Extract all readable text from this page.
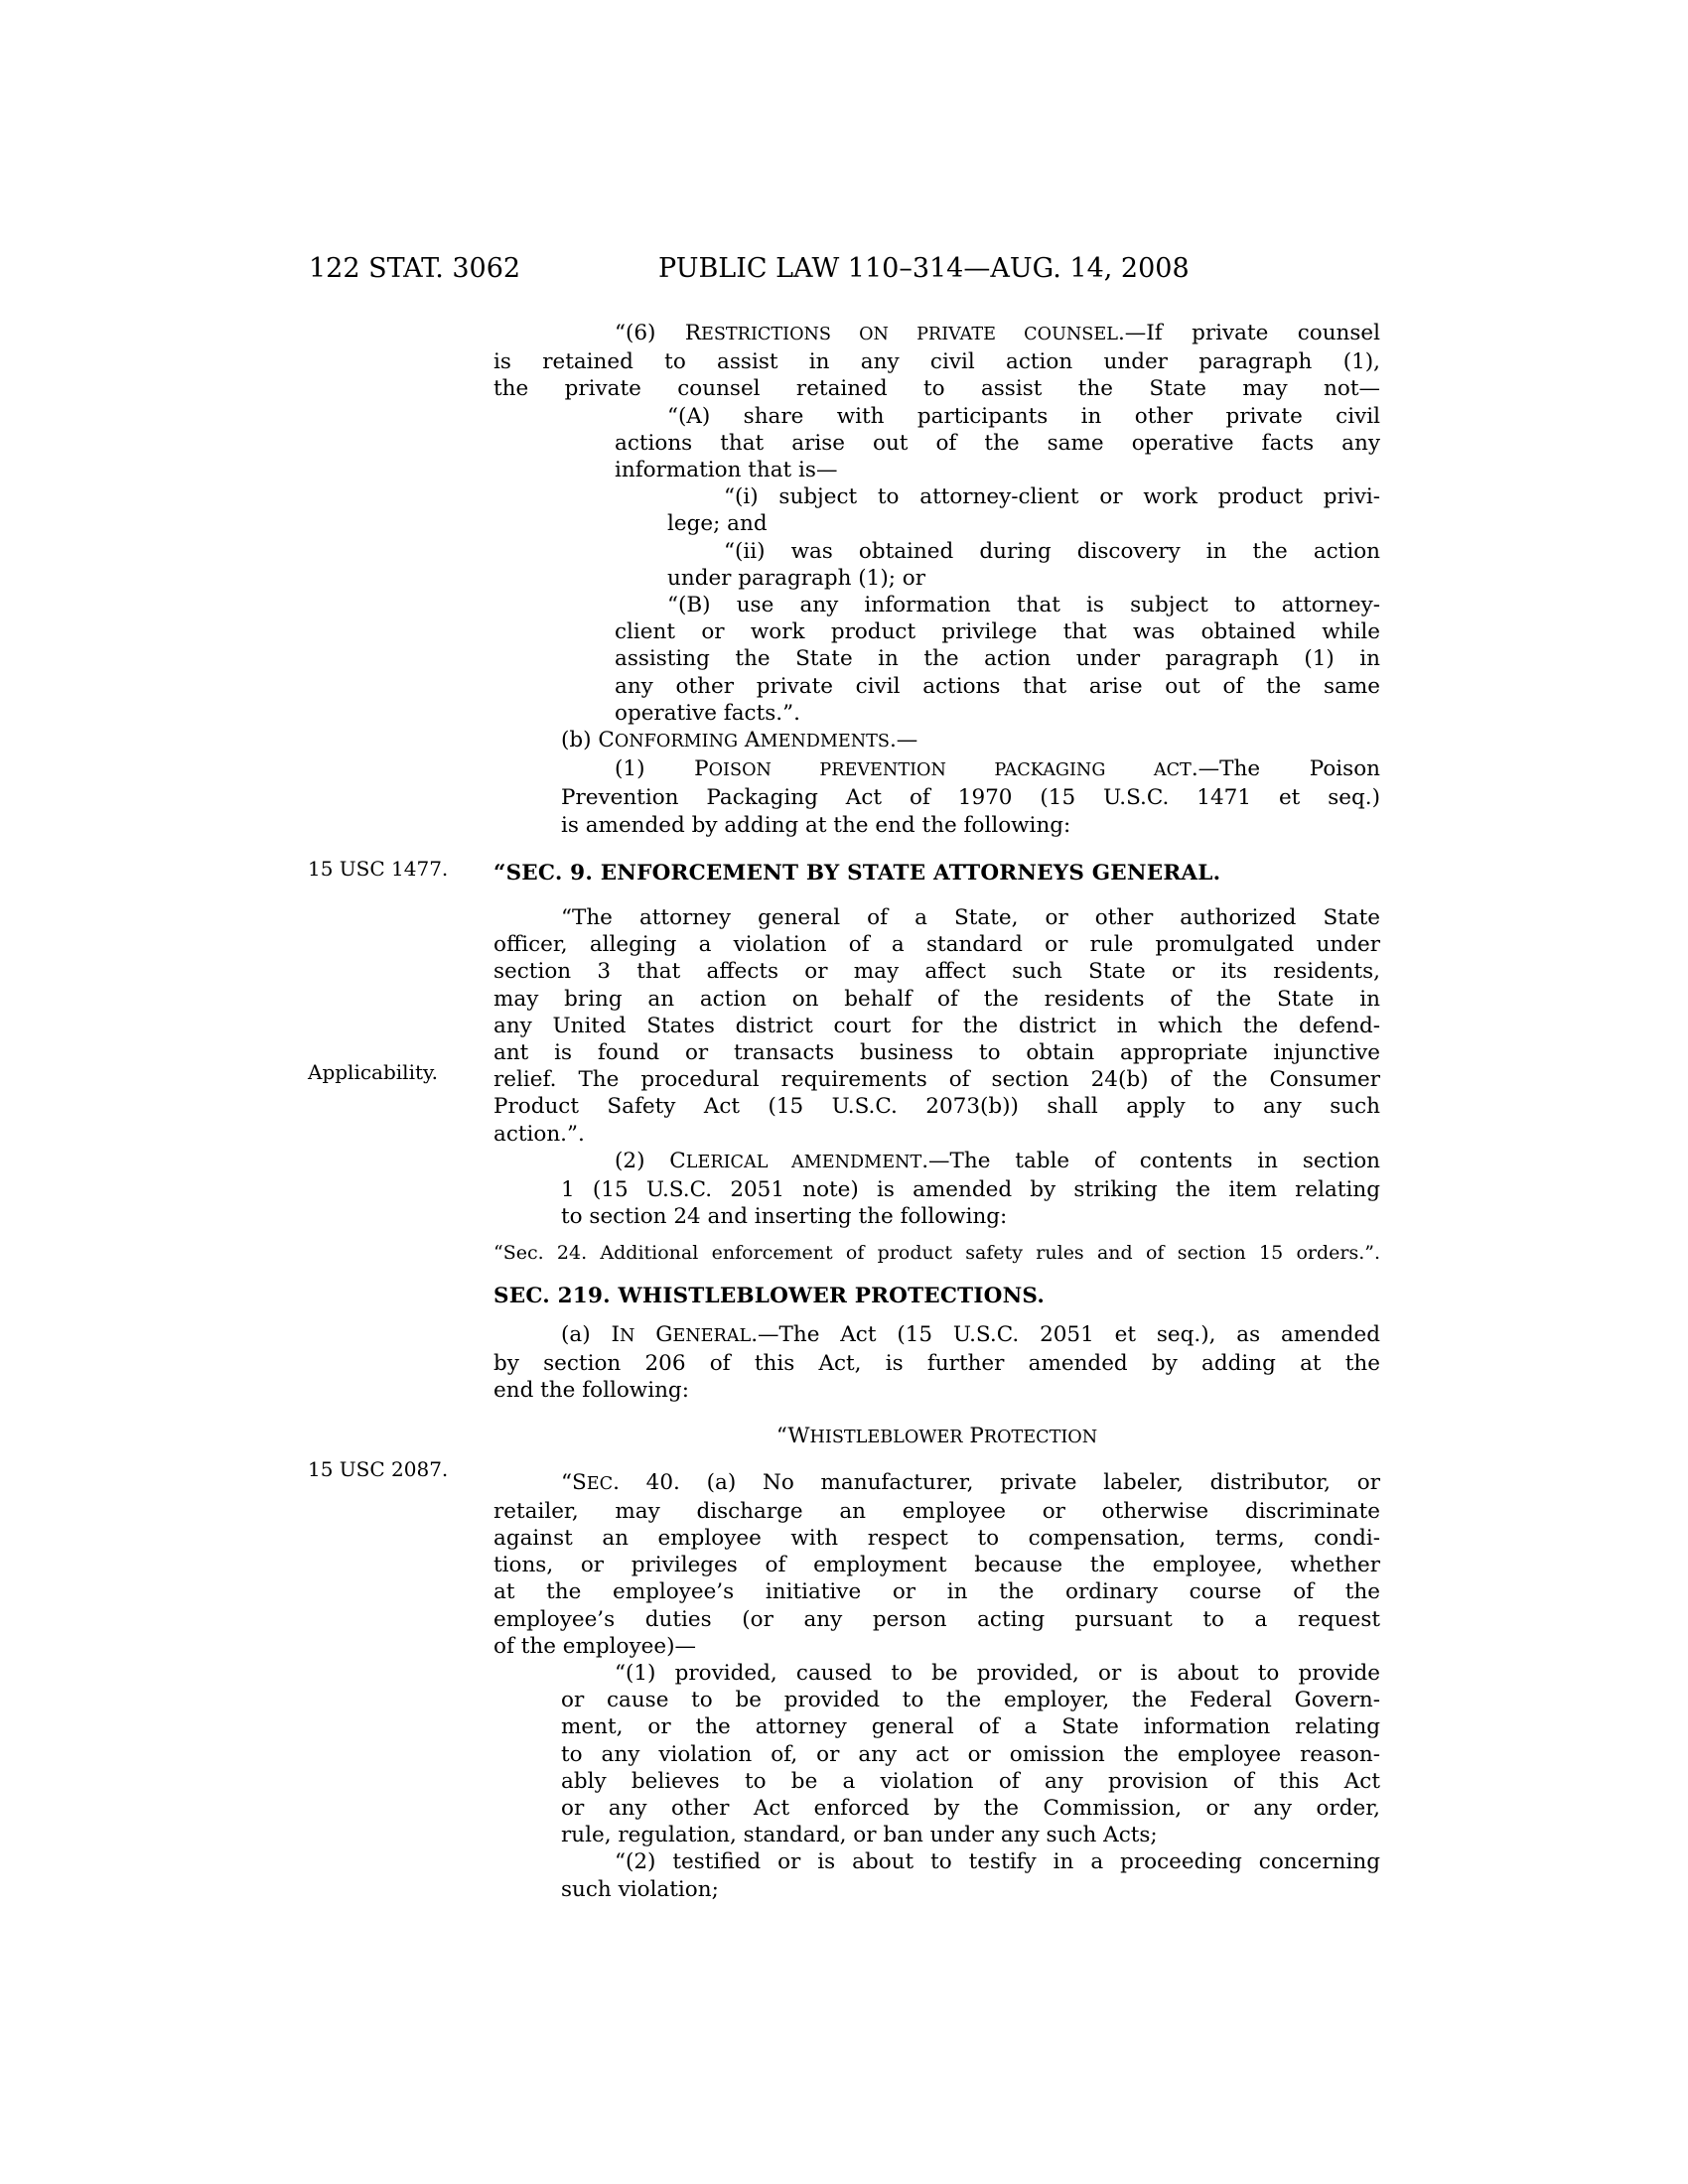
122 STAT. 3062	PUBLIC LAW 110–314—AUG. 14, 2008
15 USC 1477.
Applicability.
15 USC 2087.
“(6) RESTRICTIONS ON PRIVATE COUNSEL.—If private counsel
is retained to assist in any civil action under paragraph (1),
the private counsel retained to assist the State may not—
“(A) share with participants in other private civil
actions that arise out of the same operative facts any
information that is—
“(i) subject to attorney-client or work product privi-
lege; and
“(ii) was obtained during discovery in the action
under paragraph (1); or
“(B) use any information that is subject to attorney-
client or work product privilege that was obtained while
assisting the State in the action under paragraph (1) in
any other private civil actions that arise out of the same
operative facts.”.
(b) CONFORMING AMENDMENTS.—
(1) POISON PREVENTION PACKAGING ACT.—The Poison
Prevention Packaging Act of 1970 (15 U.S.C. 1471 et seq.)
is amended by adding at the end the following:
“SEC. 9. ENFORCEMENT BY STATE ATTORNEYS GENERAL.
“The attorney general of a State, or other authorized State
officer, alleging a violation of a standard or rule promulgated under
section 3 that affects or may affect such State or its residents,
may bring an action on behalf of the residents of the State in
any United States district court for the district in which the defend-
ant is found or transacts business to obtain appropriate injunctive
relief. The procedural requirements of section 24(b) of the Consumer
Product Safety Act (15 U.S.C. 2073(b)) shall apply to any such
action.”.
(2) CLERICAL AMENDMENT.—The table of contents in section
1 (15 U.S.C. 2051 note) is amended by striking the item relating
to section 24 and inserting the following:
“Sec. 24. Additional enforcement of product safety rules and of section 15 orders.”.
SEC. 219. WHISTLEBLOWER PROTECTIONS.
(a) IN GENERAL.—The Act (15 U.S.C. 2051 et seq.), as amended
by section 206 of this Act, is further amended by adding at the
end the following:
“WHISTLEBLOWER PROTECTION
“SEC. 40. (a) No manufacturer, private labeler, distributor, or
retailer, may discharge an employee or otherwise discriminate
against an employee with respect to compensation, terms, condi-
tions, or privileges of employment because the employee, whether
at the employee’s initiative or in the ordinary course of the
employee’s duties (or any person acting pursuant to a request
of the employee)—
“(1) provided, caused to be provided, or is about to provide
or cause to be provided to the employer, the Federal Govern-
ment, or the attorney general of a State information relating
to any violation of, or any act or omission the employee reason-
ably believes to be a violation of any provision of this Act
or any other Act enforced by the Commission, or any order,
rule, regulation, standard, or ban under any such Acts;
“(2) testified or is about to testify in a proceeding concerning
such violation;
